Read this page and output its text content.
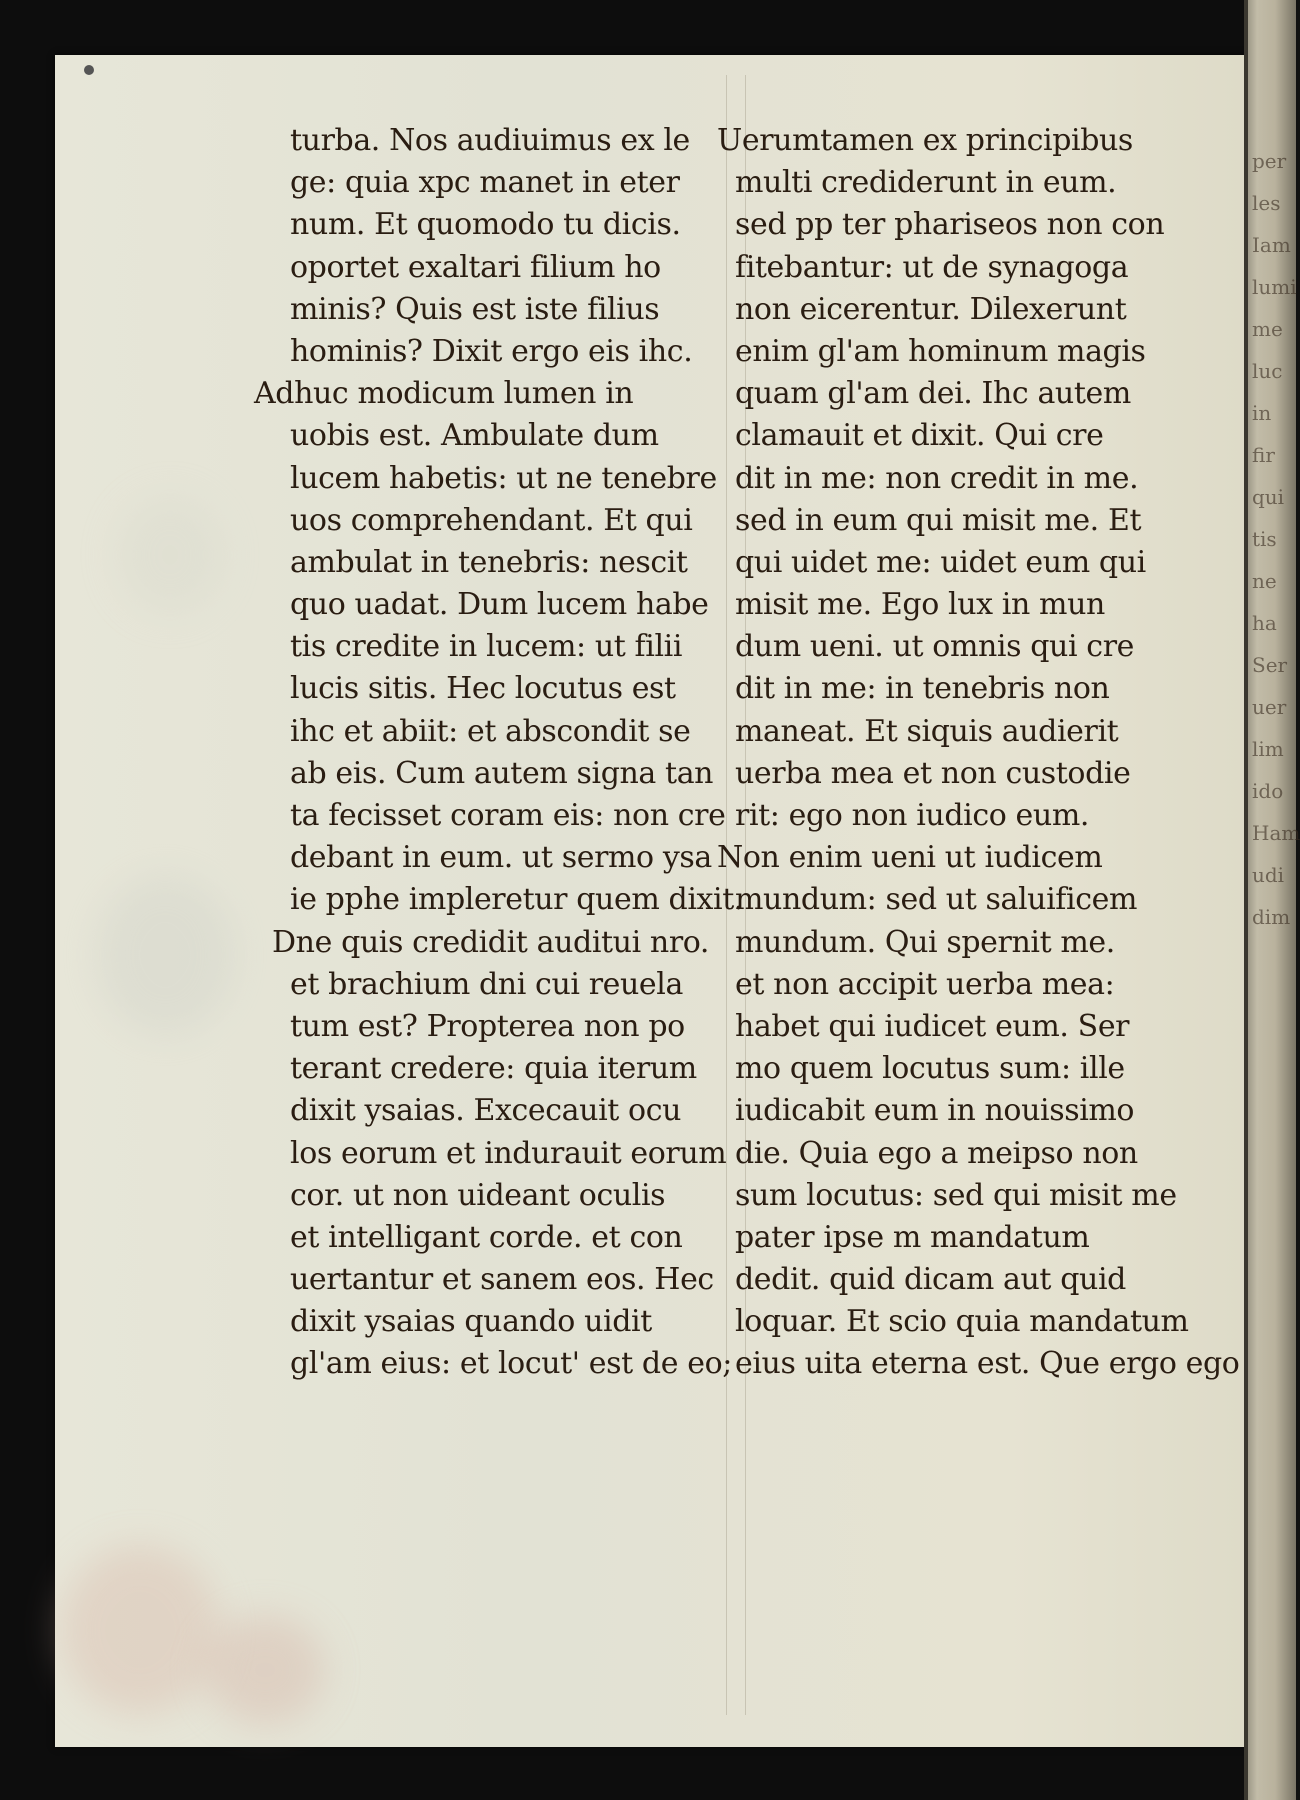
turba. Nos audiuimus ex le
ge: quia xpc manet in eter
num. Et quomodo tu dicis.
oportet exaltari filium ho
minis? Quis est iste filius
hominis? Dixit ergo eis ihc.
Adhuc modicum lumen in
uobis est. Ambulate dum
lucem habetis: ut ne tenebre
uos comprehendant. Et qui
ambulat in tenebris: nescit
quo uadat. Dum lucem habe
tis credite in lucem: ut filii
lucis sitis. Hec locutus est
ihc et abiit: et abscondit se
ab eis. Cum autem signa tan
ta fecisset coram eis: non cre
debant in eum. ut sermo ysa
ie pphe impleretur quem dixit.
Dne quis credidit auditui nro.
et brachium dni cui reuela
tum est? Propterea non po
terant credere: quia iterum
dixit ysaias. Excecauit ocu
los eorum et indurauit eorum
cor. ut non uideant oculis
et intelligant corde. et con
uertantur et sanem eos. Hec
dixit ysaias quando uidit
gl'am eius: et locut' est de eo;
Uerumtamen ex principibus
multi crediderunt in eum.
sed pp ter phariseos non con
fitebantur: ut de synagoga
non eicerentur. Dilexerunt
enim gl'am hominum magis
quam gl'am dei. Ihc autem
clamauit et dixit. Qui cre
dit in me: non credit in me.
sed in eum qui misit me. Et
qui uidet me: uidet eum qui
misit me. Ego lux in mun
dum ueni. ut omnis qui cre
dit in me: in tenebris non
maneat. Et siquis audierit
uerba mea et non custodie
rit: ego non iudico eum.
Non enim ueni ut iudicem
mundum: sed ut saluificem
mundum. Qui spernit me.
et non accipit uerba mea:
habet qui iudicet eum. Ser
mo quem locutus sum: ille
iudicabit eum in nouissimo
die. Quia ego a meipso non
sum locutus: sed qui misit me
pater ipse m mandatum
dedit. quid dicam aut quid
loquar. Et scio quia mandatum
eius uita eterna est. Que ergo ego
per
les
Iam
lumi
me
luc
in
fir
qui
tis
ne
ha
Ser
uer
lim
ido
Ham
udi
dim
